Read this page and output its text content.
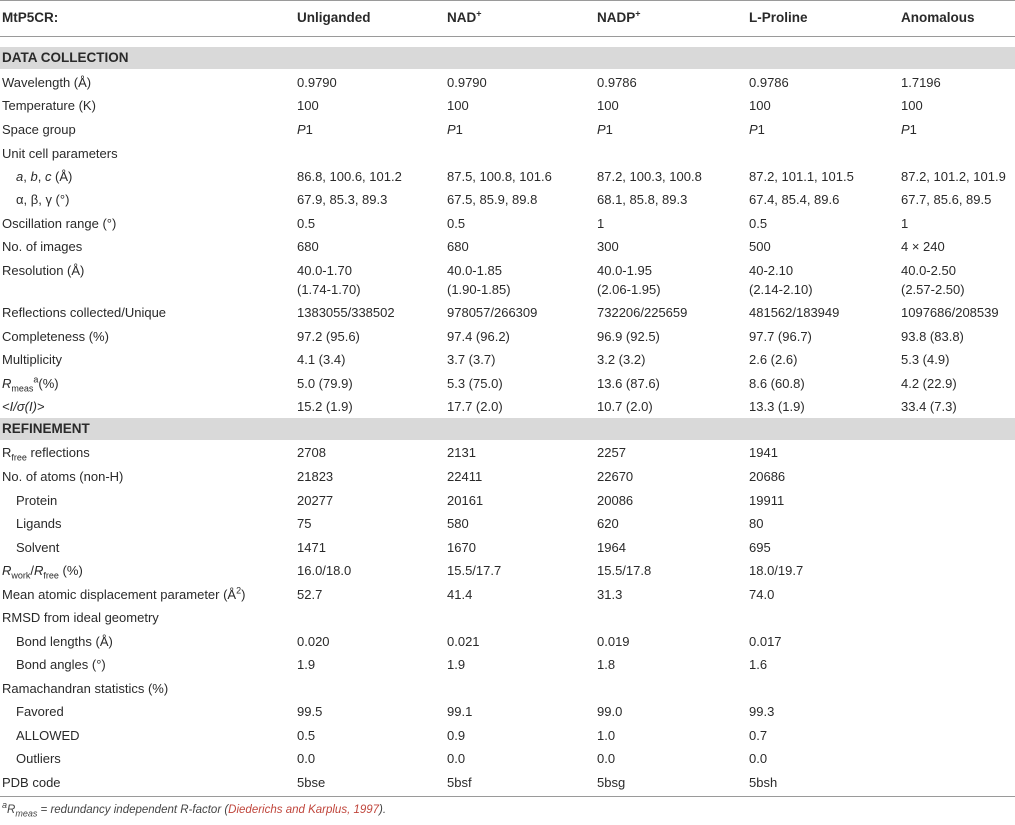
MtP5CR:	Unliganded	NAD+	NADP+	L-Proline	Anomalous
DATA COLLECTION
Wavelength (Å)	0.9790	0.9790	0.9786	0.9786	1.7196
Temperature (K)	100	100	100	100	100
Space group	P1	P1	P1	P1	P1
Unit cell parameters
a, b, c (Å)	86.8, 100.6, 101.2	87.5, 100.8, 101.6	87.2, 100.3, 100.8	87.2, 101.1, 101.5	87.2, 101.2, 101.9
α, β, γ (°)	67.9, 85.3, 89.3	67.5, 85.9, 89.8	68.1, 85.8, 89.3	67.4, 85.4, 89.6	67.7, 85.6, 89.5
Oscillation range (°)	0.5	0.5	1	0.5	1
No. of images	680	680	300	500	4 × 240
Resolution (Å)	40.0-1.70	40.0-1.85	40.0-1.95	40-2.10	40.0-2.50
(1.74-1.70)	(1.90-1.85)	(2.06-1.95)	(2.14-2.10)	(2.57-2.50)
Reflections collected/Unique	1383055/338502	978057/266309	732206/225659	481562/183949	1097686/208539
Completeness (%)	97.2 (95.6)	97.4 (96.2)	96.9 (92.5)	97.7 (96.7)	93.8 (83.8)
Multiplicity	4.1 (3.4)	3.7 (3.7)	3.2 (3.2)	2.6 (2.6)	5.3 (4.9)
$R_{meas}^a(\%)$	5.0 (79.9)	5.3 (75.0)	13.6 (87.6)	8.6 (60.8)	4.2 (22.9)
<I/σ(I)>	15.2 (1.9)	17.7 (2.0)	10.7 (2.0)	13.3 (1.9)	33.4 (7.3)
REFINEMENT
$R_{free}$ reflections	2708	2131	2257	1941
No. of atoms (non-H)	21823	22411	22670	20686
Protein	20277	20161	20086	19911
Ligands	75	580	620	80
Solvent	1471	1670	1964	695
$R_{work}/R_{free}$ (%)	16.0/18.0	15.5/17.7	15.5/17.8	18.0/19.7
Mean atomic displacement parameter $(Å^2)$	52.7	41.4	31.3	74.0
RMSD from ideal geometry
Bond lengths (Å)	0.020	0.021	0.019	0.017
Bond angles (°)	1.9	1.9	1.8	1.6
Ramachandran statistics (%)
Favored	99.5	99.1	99.0	99.3
ALLOWED	0.5	0.9	1.0	0.7
Outliers	0.0	0.0	0.0	0.0
PDB code	5bse	5bsf	5bsg	5bsh
$^aR_{meas}$ = redundancy independent R-factor (Diederichs and Karplus, 1997).
